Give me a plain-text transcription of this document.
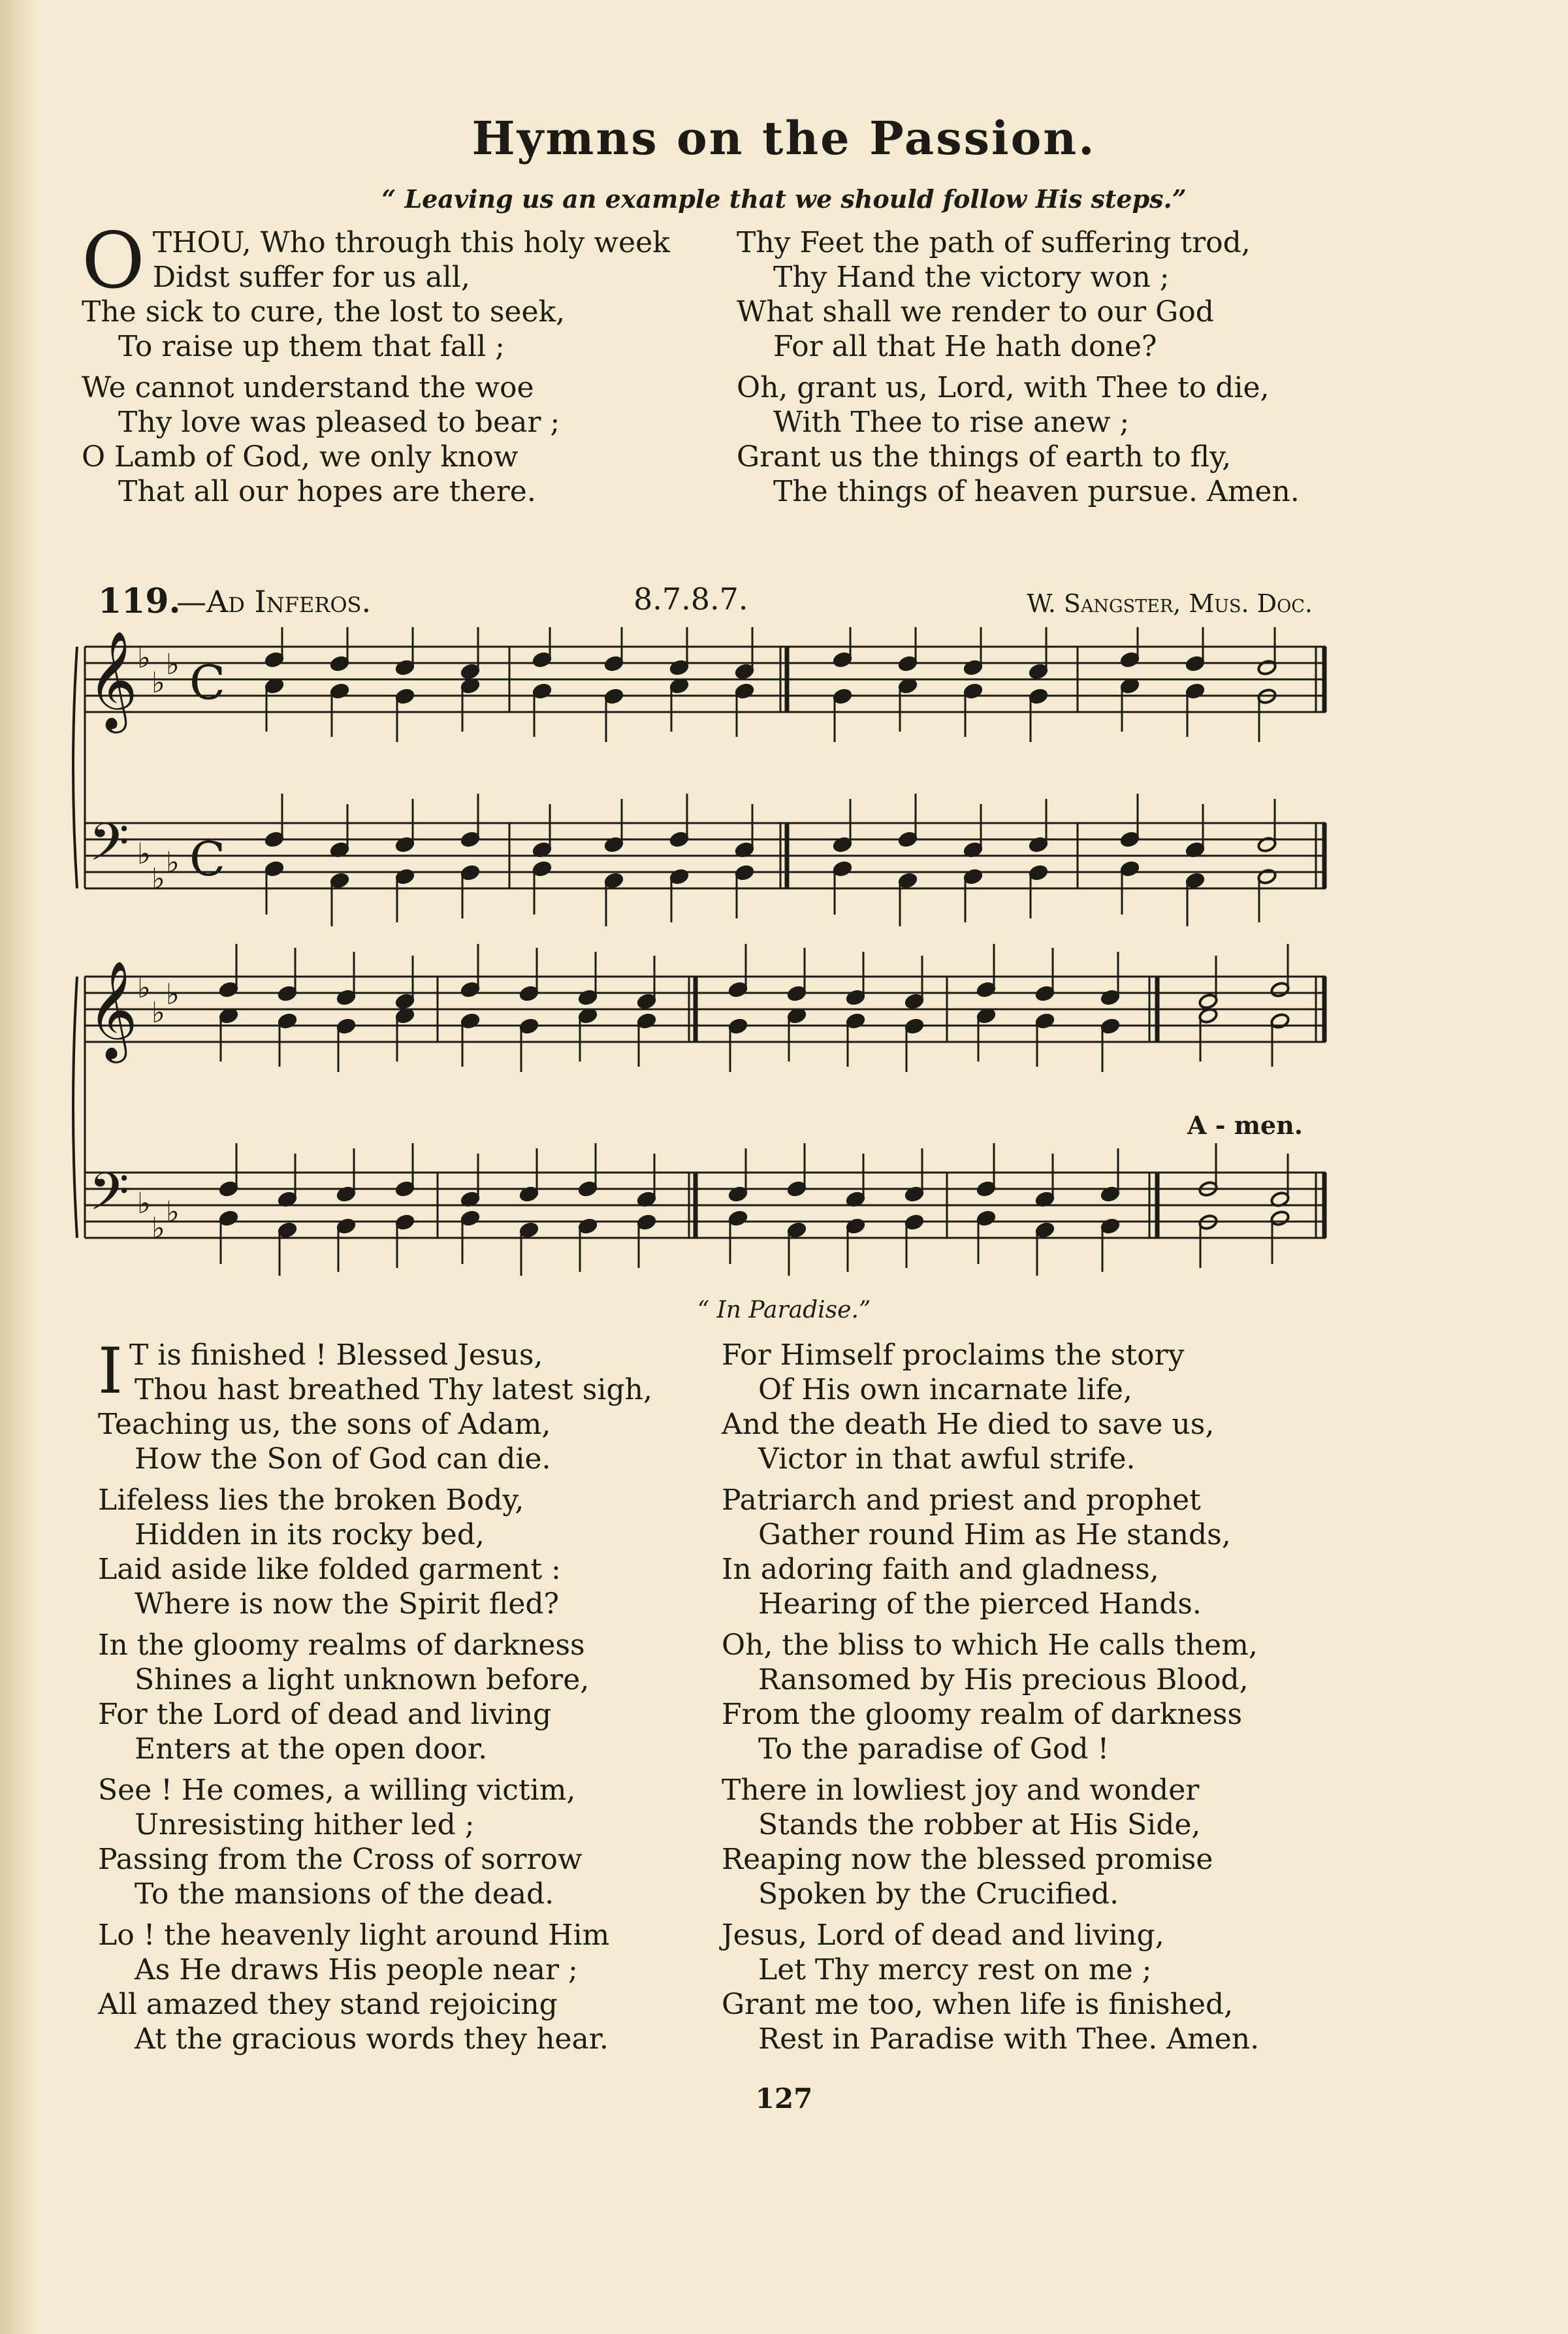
Hymns on the Passion.
“ Leaving us an example that we should follow His steps.”
O THOU, Who through this holy week
Didst suffer for us all,
The sick to cure, the lost to seek,
To raise up them that fall ;
We cannot understand the woe
Thy love was pleased to bear ;
O Lamb of God, we only know
That all our hopes are there.
Thy Feet the path of suffering trod,
Thy Hand the victory won ;
What shall we render to our God
For all that He hath done?
Oh, grant us, Lord, with Thee to die,
With Thee to rise anew ;
Grant us the things of earth to fly,
The things of heaven pursue. Amen.
119.
—Ad Inferos.	8.7.8.7.	W. Sangster, Mus. Doc.
𝄞
𝄢
♭
♭
♭
♭
♭ ♭
C
C
𝄞
𝄢
♭
♭
♭
♭
♭ ♭
A - men.
“ In Paradise.”
I T is finished ! Blessed Jesus,
Thou hast breathed Thy latest sigh,
Teaching us, the sons of Adam,
How the Son of God can die.
Lifeless lies the broken Body,
Hidden in its rocky bed,
Laid aside like folded garment :
Where is now the Spirit fled?
In the gloomy realms of darkness
Shines a light unknown before,
For the Lord of dead and living
Enters at the open door.
See ! He comes, a willing victim,
Unresisting hither led ;
Passing from the Cross of sorrow
To the mansions of the dead.
Lo ! the heavenly light around Him
As He draws His people near ;
All amazed they stand rejoicing
At the gracious words they hear.
For Himself proclaims the story
Of His own incarnate life,
And the death He died to save us,
Victor in that awful strife.
Patriarch and priest and prophet
Gather round Him as He stands,
In adoring faith and gladness,
Hearing of the pierced Hands.
Oh, the bliss to which He calls them,
Ransomed by His precious Blood,
From the gloomy realm of darkness
To the paradise of God !
There in lowliest joy and wonder
Stands the robber at His Side,
Reaping now the blessed promise
Spoken by the Crucified.
Jesus, Lord of dead and living,
Let Thy mercy rest on me ;
Grant me too, when life is finished,
Rest in Paradise with Thee. Amen.
127
